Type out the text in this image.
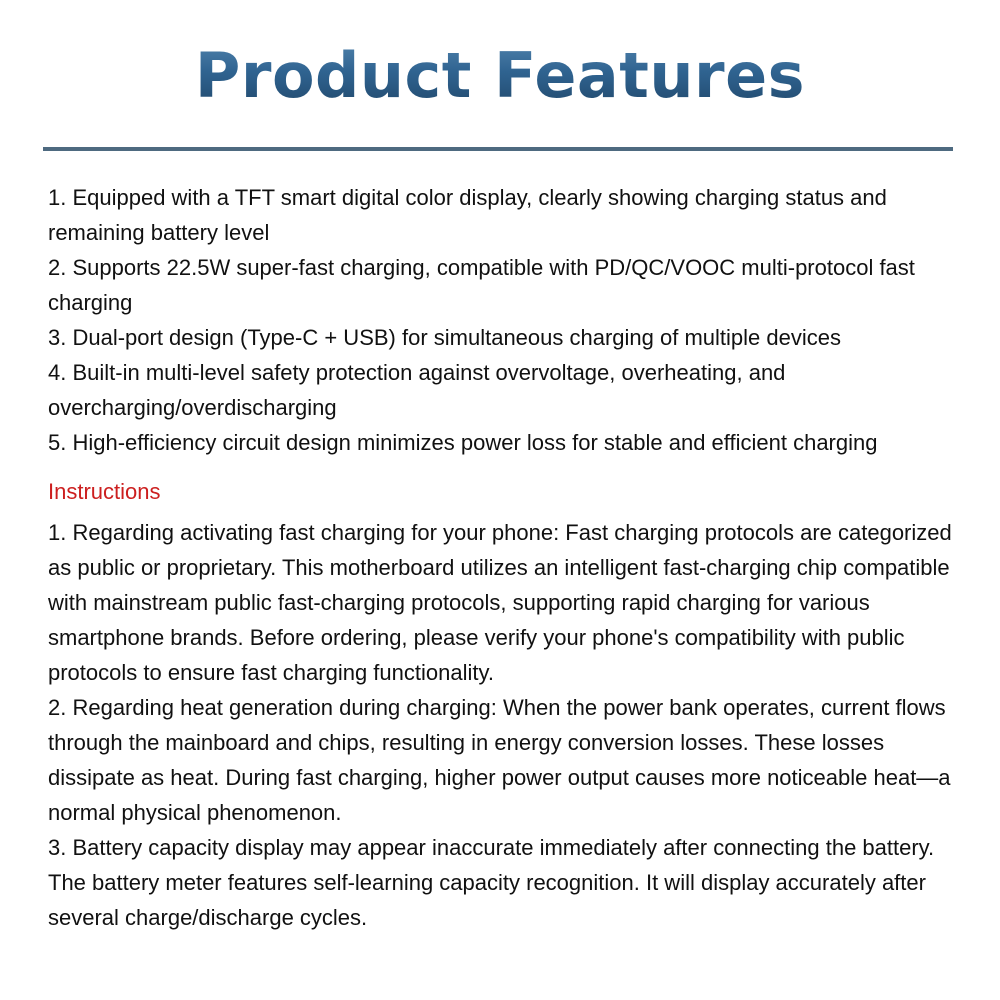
Product Features
1. Equipped with a TFT smart digital color display, clearly showing charging status and remaining battery level
2. Supports 22.5W super-fast charging, compatible with PD/QC/VOOC multi-protocol fast charging
3. Dual-port design (Type-C + USB) for simultaneous charging of multiple devices
4. Built-in multi-level safety protection against overvoltage, overheating, and overcharging/overdischarging
5. High-efficiency circuit design minimizes power loss for stable and efficient charging
Instructions
1. Regarding activating fast charging for your phone: Fast charging protocols are categorized as public or proprietary. This motherboard utilizes an intelligent fast-charging chip compatible with mainstream public fast-charging protocols, supporting rapid charging for various smartphone brands. Before ordering, please verify your phone's compatibility with public protocols to ensure fast charging functionality.
2. Regarding heat generation during charging: When the power bank operates, current flows through the mainboard and chips, resulting in energy conversion losses. These losses dissipate as heat. During fast charging, higher power output causes more noticeable heat—a normal physical phenomenon.
3. Battery capacity display may appear inaccurate immediately after connecting the battery. The battery meter features self-learning capacity recognition. It will display accurately after several charge/discharge cycles.
